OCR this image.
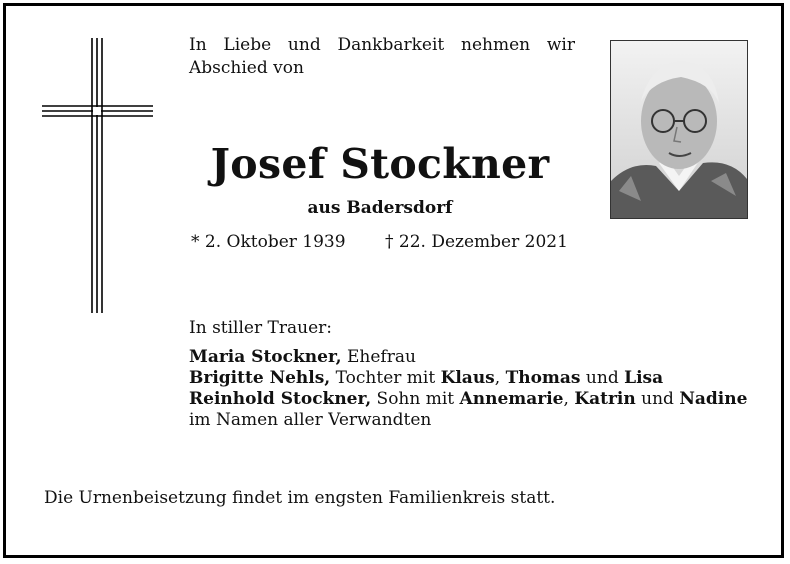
In Liebe und Dankbarkeit nehmen wir Abschied von
Josef Stockner
aus Badersdorf
* 2. Oktober 1939 † 22. Dezember 2021
In stiller Trauer:
Maria Stockner, Ehefrau
Brigitte Nehls, Tochter mit Klaus, Thomas und Lisa
Reinhold Stockner, Sohn mit Annemarie, Katrin und Nadine
im Namen aller Verwandten
Die Urnenbeisetzung findet im engsten Familienkreis statt.
